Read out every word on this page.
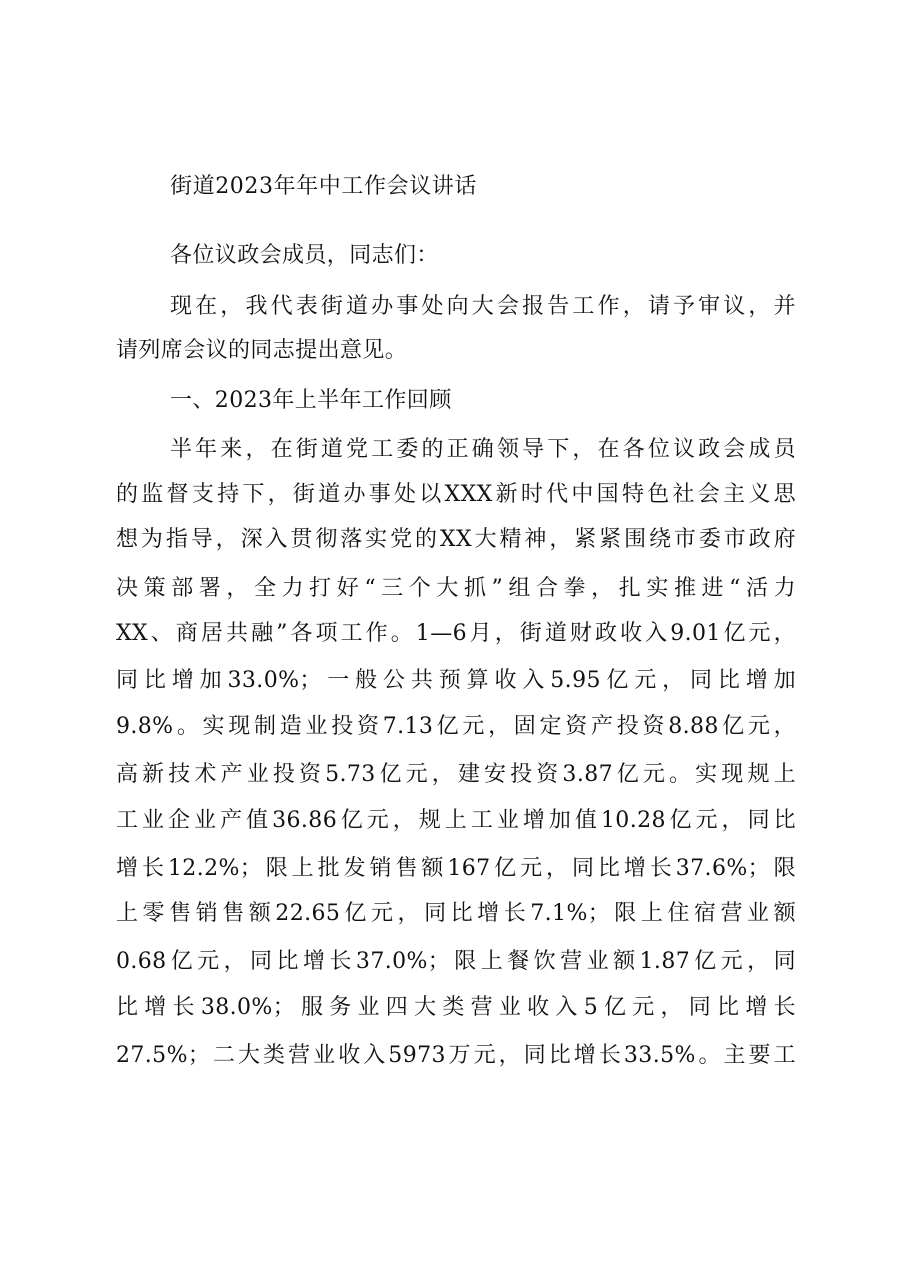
街道2023年年中工作会议讲话
各位议政会成员，同志们：
现在，我代表街道办事处向大会报告工作，请予审议，并
请列席会议的同志提出意见。
一、2023年上半年工作回顾
半年来，在街道党工委的正确领导下，在各位议政会成员
的监督支持下，街道办事处以XXX新时代中国特色社会主义思
想为指导，深入贯彻落实党的XX大精神，紧紧围绕市委市政府
决策部署，全力打好“三个大抓”组合拳，扎实推进“活力
XX、商居共融”各项工作。1—6月，街道财政收入9.01亿元，
同比增加33.0%；一般公共预算收入5.95亿元，同比增加
9.8%。实现制造业投资7.13亿元，固定资产投资8.88亿元，
高新技术产业投资5.73亿元，建安投资3.87亿元。实现规上
工业企业产值36.86亿元，规上工业增加值10.28亿元，同比
增长12.2%；限上批发销售额167亿元，同比增长37.6%；限
上零售销售额22.65亿元，同比增长7.1%；限上住宿营业额
0.68亿元，同比增长37.0%；限上餐饮营业额1.87亿元，同
比增长38.0%；服务业四大类营业收入5亿元，同比增长
27.5%；二大类营业收入5973万元，同比增长33.5%。主要工
